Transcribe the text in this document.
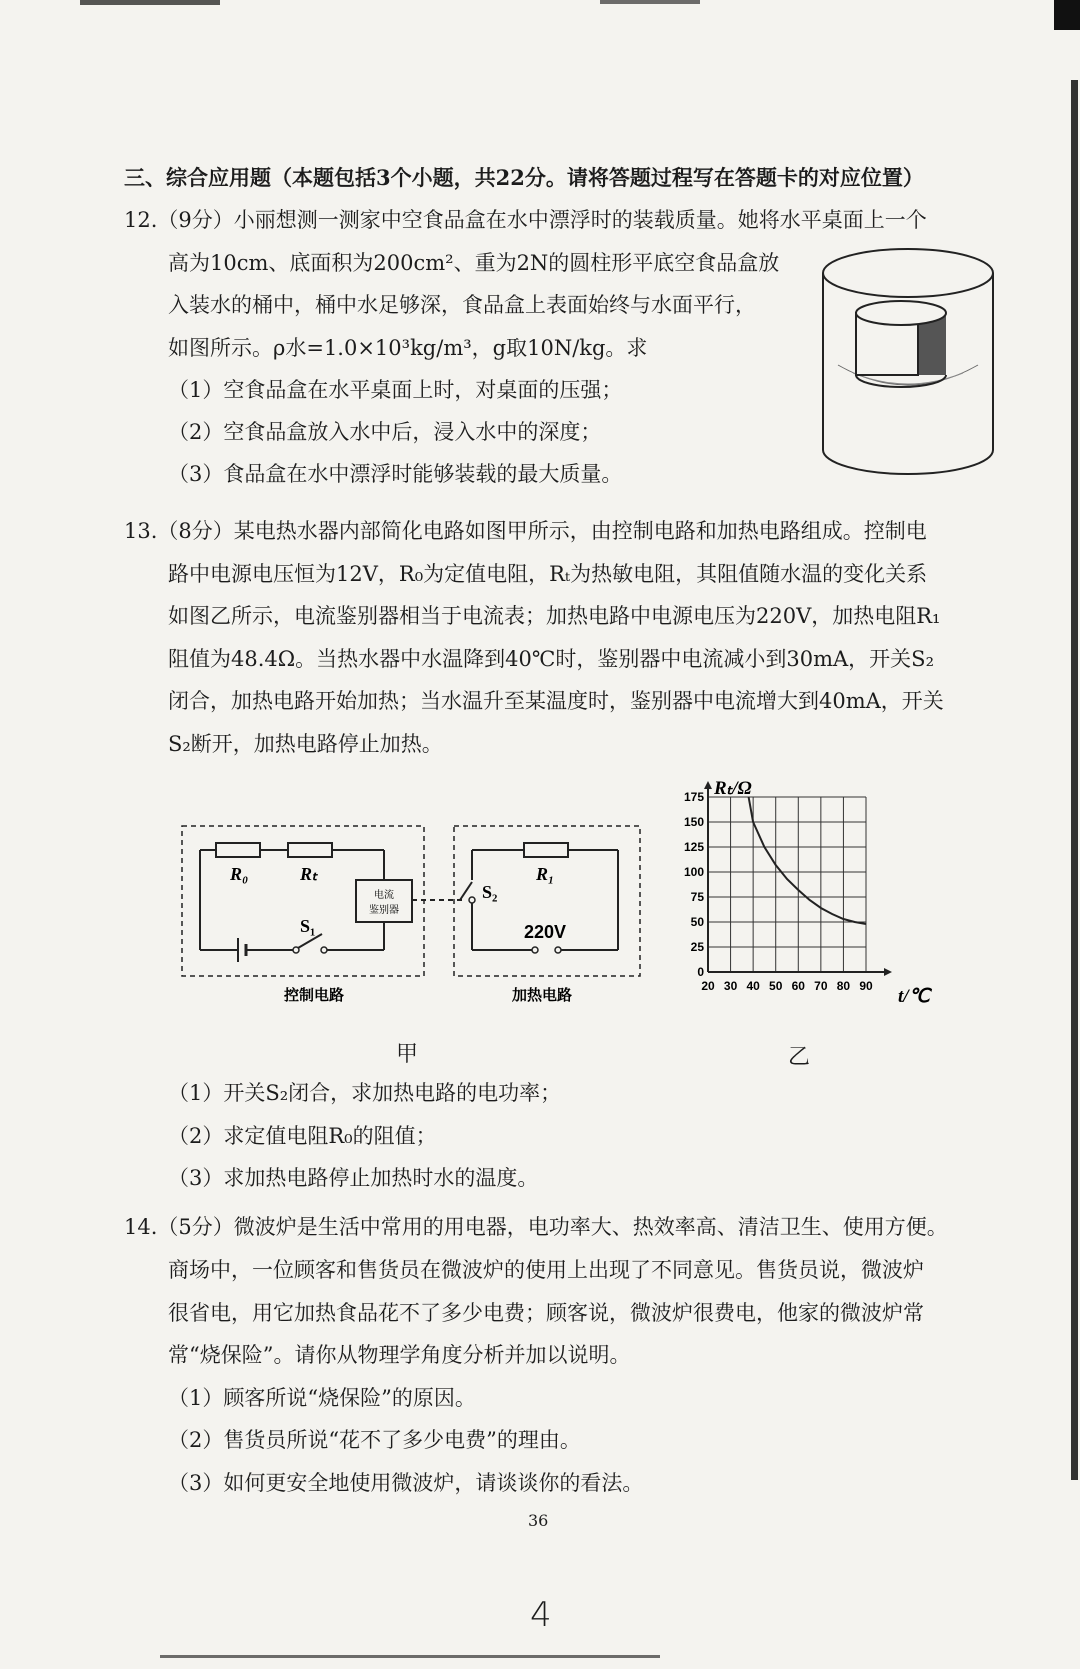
三、综合应用题（本题包括3个小题，共22分。请将答题过程写在答题卡的对应位置）
12.（9分）小丽想测一测家中空食品盒在水中漂浮时的装载质量。她将水平桌面上一个
高为10cm、底面积为200cm²、重为2N的圆柱形平底空食品盒放
入装水的桶中，桶中水足够深，食品盒上表面始终与水面平行，
如图所示。ρ水=1.0×10³kg/m³，g取10N/kg。求
（1）空食品盒在水平桌面上时，对桌面的压强；
（2）空食品盒放入水中后，浸入水中的深度；
（3）食品盒在水中漂浮时能够装载的最大质量。
13.（8分）某电热水器内部简化电路如图甲所示，由控制电路和加热电路组成。控制电
路中电源电压恒为12V，R₀为定值电阻，Rₜ为热敏电阻，其阻值随水温的变化关系
如图乙所示，电流鉴别器相当于电流表；加热电路中电源电压为220V，加热电阻R₁
阻值为48.4Ω。当热水器中水温降到40℃时，鉴别器中电流减小到30mA，开关S₂
闭合，加热电路开始加热；当水温升至某温度时，鉴别器中电流增大到40mA，开关
S₂断开，加热电路停止加热。
R₀	Rₜ
电流
鉴别器
S₁
S₂
R₁
220V
控制电路	加热电路
甲
20 30 40 50 60 70 80 90
0
25
50
75
100
125
150
175 Rₜ/Ω
t/℃
乙
（1）开关S₂闭合，求加热电路的电功率；
（2）求定值电阻R₀的阻值；
（3）求加热电路停止加热时水的温度。
14.（5分）微波炉是生活中常用的用电器，电功率大、热效率高、清洁卫生、使用方便。
商场中，一位顾客和售货员在微波炉的使用上出现了不同意见。售货员说，微波炉
很省电，用它加热食品花不了多少电费；顾客说，微波炉很费电，他家的微波炉常
常“烧保险”。请你从物理学角度分析并加以说明。
（1）顾客所说“烧保险”的原因。
（2）售货员所说“花不了多少电费”的理由。
（3）如何更安全地使用微波炉，请谈谈你的看法。
36
4
